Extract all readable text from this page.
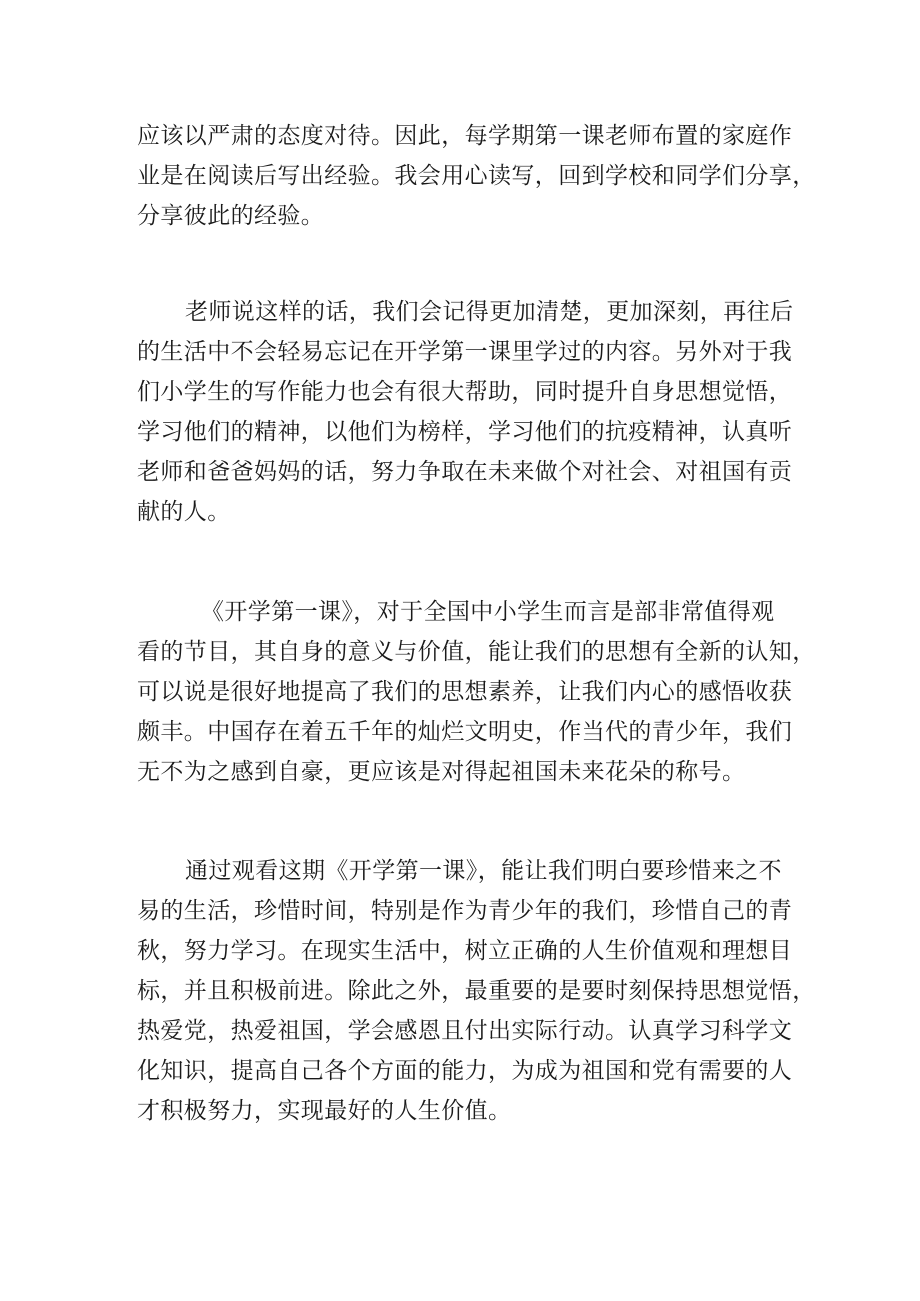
应该以严肃的态度对待。因此，每学期第一课老师布置的家庭作
业是在阅读后写出经验。我会用心读写，回到学校和同学们分享，
分享彼此的经验。
老师说这样的话，我们会记得更加清楚，更加深刻，再往后
的生活中不会轻易忘记在开学第一课里学过的内容。另外对于我
们小学生的写作能力也会有很大帮助，同时提升自身思想觉悟，
学习他们的精神，以他们为榜样，学习他们的抗疫精神，认真听
老师和爸爸妈妈的话，努力争取在未来做个对社会、对祖国有贡
献的人。
《开学第一课》，对于全国中小学生而言是部非常值得观
看的节目，其自身的意义与价值，能让我们的思想有全新的认知，
可以说是很好地提高了我们的思想素养，让我们内心的感悟收获
颇丰。中国存在着五千年的灿烂文明史，作当代的青少年，我们
无不为之感到自豪，更应该是对得起祖国未来花朵的称号。
通过观看这期《开学第一课》，能让我们明白要珍惜来之不
易的生活，珍惜时间，特别是作为青少年的我们，珍惜自己的青
秋，努力学习。在现实生活中，树立正确的人生价值观和理想目
标，并且积极前进。除此之外，最重要的是要时刻保持思想觉悟，
热爱党，热爱祖国，学会感恩且付出实际行动。认真学习科学文
化知识，提高自己各个方面的能力，为成为祖国和党有需要的人
才积极努力，实现最好的人生价值。
